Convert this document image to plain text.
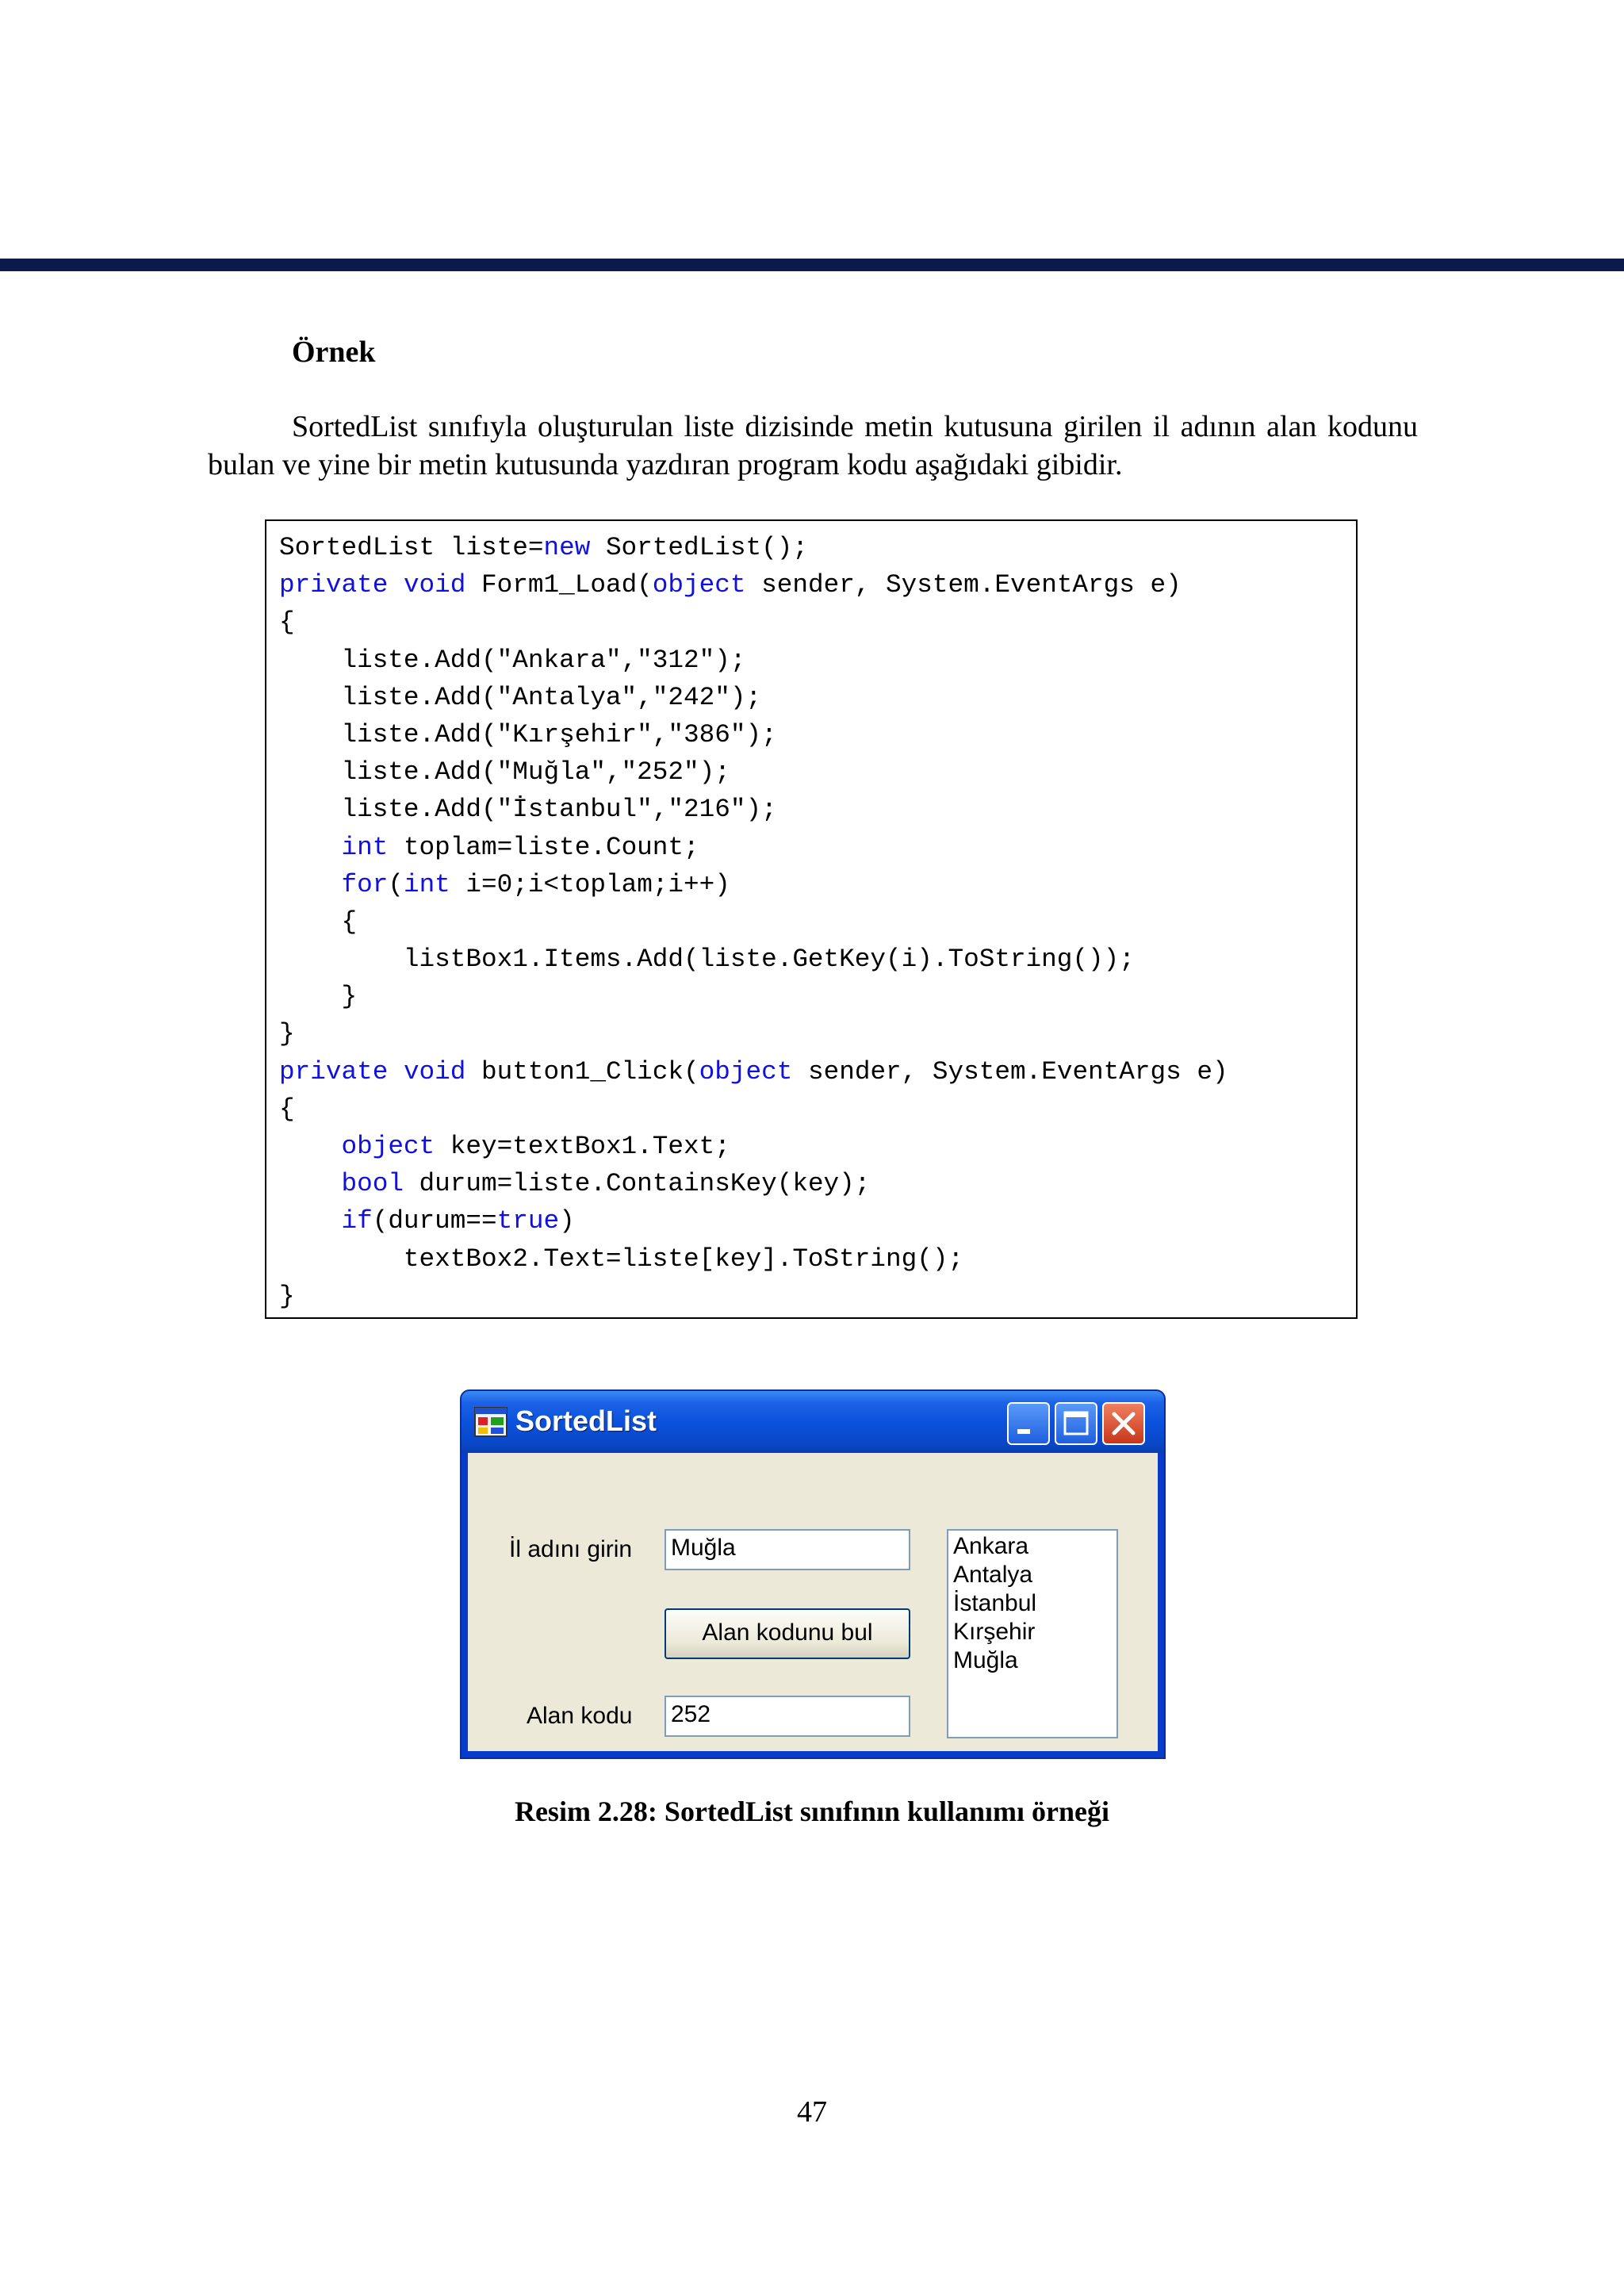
Örnek
SortedList sınıfıyla oluşturulan liste dizisinde metin kutusuna girilen il adının alan kodunu bulan ve yine bir metin kutusunda yazdıran program kodu aşağıdaki gibidir.
SortedList liste=new SortedList();
private void Form1_Load(object sender, System.EventArgs e)
{
liste.Add("Ankara","312");
liste.Add("Antalya","242");
liste.Add("Kırşehir","386");
liste.Add("Muğla","252");
liste.Add("İstanbul","216");
int toplam=liste.Count;
for(int i=0;i<toplam;i++)
{
listBox1.Items.Add(liste.GetKey(i).ToString());
}
}
private void button1_Click(object sender, System.EventArgs e)
{
object key=textBox1.Text;
bool durum=liste.ContainsKey(key);
if(durum==true)
textBox2.Text=liste[key].ToString();
}
SortedList
İl adını girin Muğla
Alan kodunu bul
Alan kodu 252
Ankara
Antalya
İstanbul
Kırşehir
Muğla
Resim 2.28: SortedList sınıfının kullanımı örneği
47
